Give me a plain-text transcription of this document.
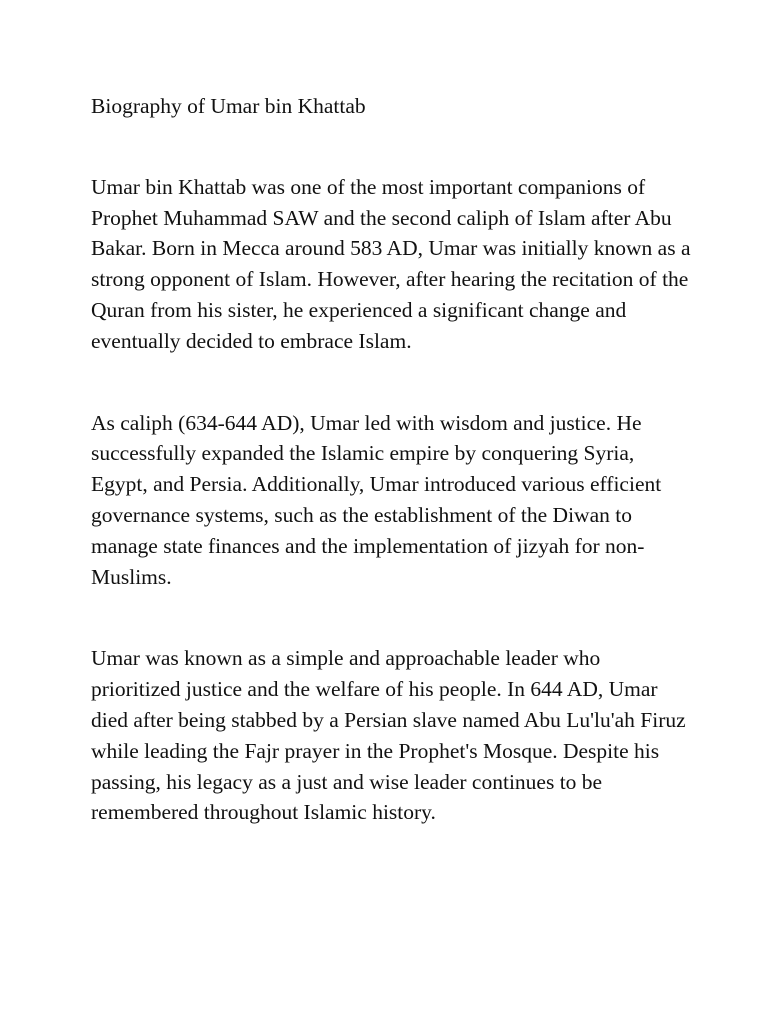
Biography of Umar bin Khattab

Umar bin Khattab was one of the most important companions of Prophet Muhammad SAW and the second caliph of Islam after Abu Bakar. Born in Mecca around 583 AD, Umar was initially known as a strong opponent of Islam. However, after hearing the recitation of the Quran from his sister, he experienced a significant change and eventually decided to embrace Islam.

As caliph (634-644 AD), Umar led with wisdom and justice. He successfully expanded the Islamic empire by conquering Syria, Egypt, and Persia. Additionally, Umar introduced various efficient governance systems, such as the establishment of the Diwan to manage state finances and the implementation of jizyah for non-Muslims.

Umar was known as a simple and approachable leader who prioritized justice and the welfare of his people. In 644 AD, Umar died after being stabbed by a Persian slave named Abu Lu'lu'ah Firuz while leading the Fajr prayer in the Prophet's Mosque. Despite his passing, his legacy as a just and wise leader continues to be remembered throughout Islamic history.
